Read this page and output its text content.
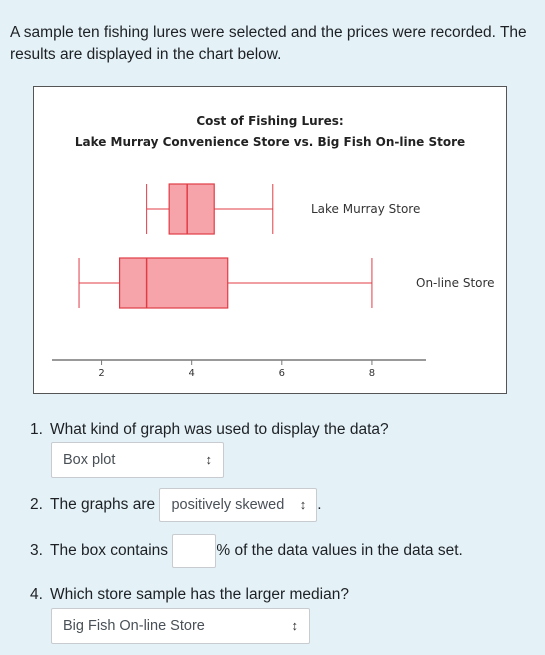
A sample ten fishing lures were selected and the prices were recorded. The results are displayed in the chart below.

Cost of Fishing Lures:
Lake Murray Convenience Store vs. Big Fish On-line Store
2	4	6	8
Lake Murray Store
On-line Store
1. What kind of graph was used to display the data?
Box plot	↕
2. The graphs are positively skewed ↕ .
3. The box contains	% of the data values in the data set.
4. Which store sample has the larger median?
Big Fish On-line Store	↕
